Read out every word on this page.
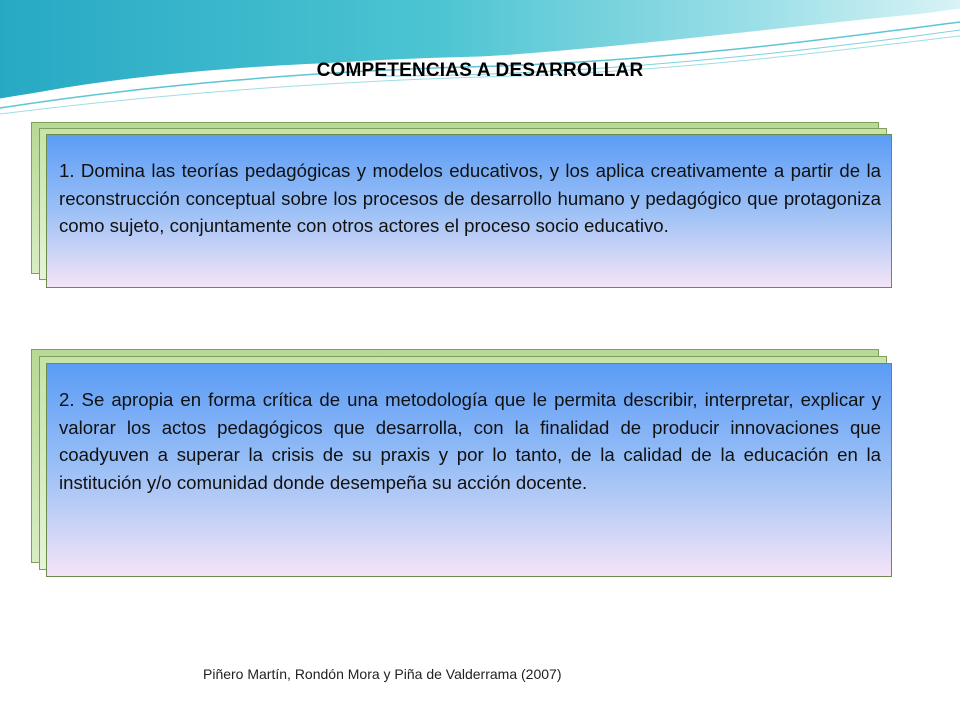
COMPETENCIAS A DESARROLLAR

1. Domina las teorías pedagógicas y modelos educativos, y los aplica creativamente a partir de la reconstrucción conceptual sobre los procesos de desarrollo humano y pedagógico que protagoniza como sujeto, conjuntamente con otros actores el proceso socio educativo.

2. Se apropia en forma crítica de una metodología que le permita describir, interpretar, explicar y valorar los actos pedagógicos que desarrolla, con la finalidad de producir innovaciones que coadyuven a superar la crisis de su praxis y por lo tanto, de la calidad de la educación en la institución y/o comunidad donde desempeña su acción docente.

Piñero Martín, Rondón Mora y Piña de Valderrama (2007)
